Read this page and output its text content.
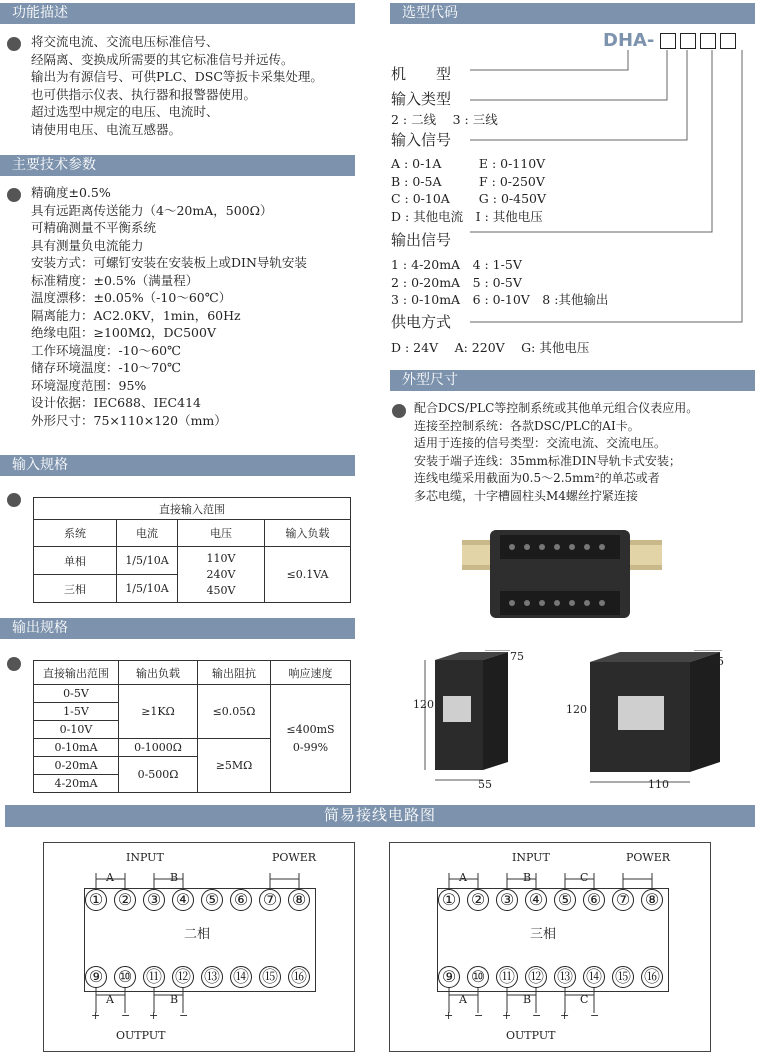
功能描述
将交流电流、交流电压标准信号、
经隔离、变换成所需要的其它标准信号并远传。
输出为有源信号、可供PLC、DSC等扳卡采集处理。
也可供指示仪表、执行器和报警器使用。
超过选型中规定的电压、电流时、
请使用电压、电流互感器。
主要技术参数
精确度±0.5%
具有远距离传送能力（4～20mA，500Ω）
可精确测量不平衡系统
具有测量负电流能力
安装方式：可螺钉安装在安装板上或DIN导轨安装
标准精度：±0.5%（满量程）
温度漂移：±0.05%（-10～60℃）
隔离能力：AC2.0KV，1min，60Hz
绝缘电阻：≥100MΩ，DC500V
工作环境温度：-10～60℃
储存环境温度：-10～70℃
环境湿度范围：95%
设计依据：IEC688、IEC414
外形尺寸：75×110×120（mm）
输入规格
直接输入范围			
系统	电流	电压	输入负载
单相	1/5/10A	110V
240V
450V	≤0.1VA
三相	1/5/10A		
输出规格
直接输出范围	输出负载	输出阻抗	响应速度
0-5V	≥1KΩ	≤0.05Ω	≤400mS
0-99%

1-5V			
0-10V			
0-10mA	0-1000Ω	≥5MΩ	
0-20mA	0-500Ω		
4-20mA			
选型代码
DHA-
机　　型
输入类型
2 : 二线　 3 : 三线
输入信号
A : 0-1A　　　E : 0-110V
B : 0-5A　　　F : 0-250V
C : 0-10A　　 G : 0-450V
D : 其他电流　I : 其他电压
输出信号
1 : 4-20mA　4 : 1-5V
2 : 0-20mA　5 : 0-5V
3 : 0-10mA　6 : 0-10V　8 :其他输出
供电方式
D : 24V　 A: 220V　 G: 其他电压
外型尺寸
配合DCS/PLC等控制系统或其他单元组合仪表应用。
连接至控制系统：各款DSC/PLC的AI卡。
适用于连接的信号类型：交流电流、交流电压。
安装于端子连线：35mm标准DIN导轨卡式安装；
连线电缆采用截面为0.5～2.5mm²的单芯或者
多芯电缆，十字槽圆柱头M4螺丝拧紧连接
75
120
55
75
120
110
简易接线电路图
INPUT	POWER
A	B
二相
① ② ③ ④ ⑤ ⑥ ⑦ ⑧
⑨ ⑩ ⑪ ⑫ ⑬ ⑭ ⑮ ⑯
A	B
+ − + −
OUTPUT
INPUT	POWER
A	B	C
三相
① ② ③ ④ ⑤ ⑥ ⑦ ⑧
⑨ ⑩ ⑪ ⑫ ⑬ ⑭ ⑮ ⑯
A	B	C
+ − + − + −
OUTPUT
